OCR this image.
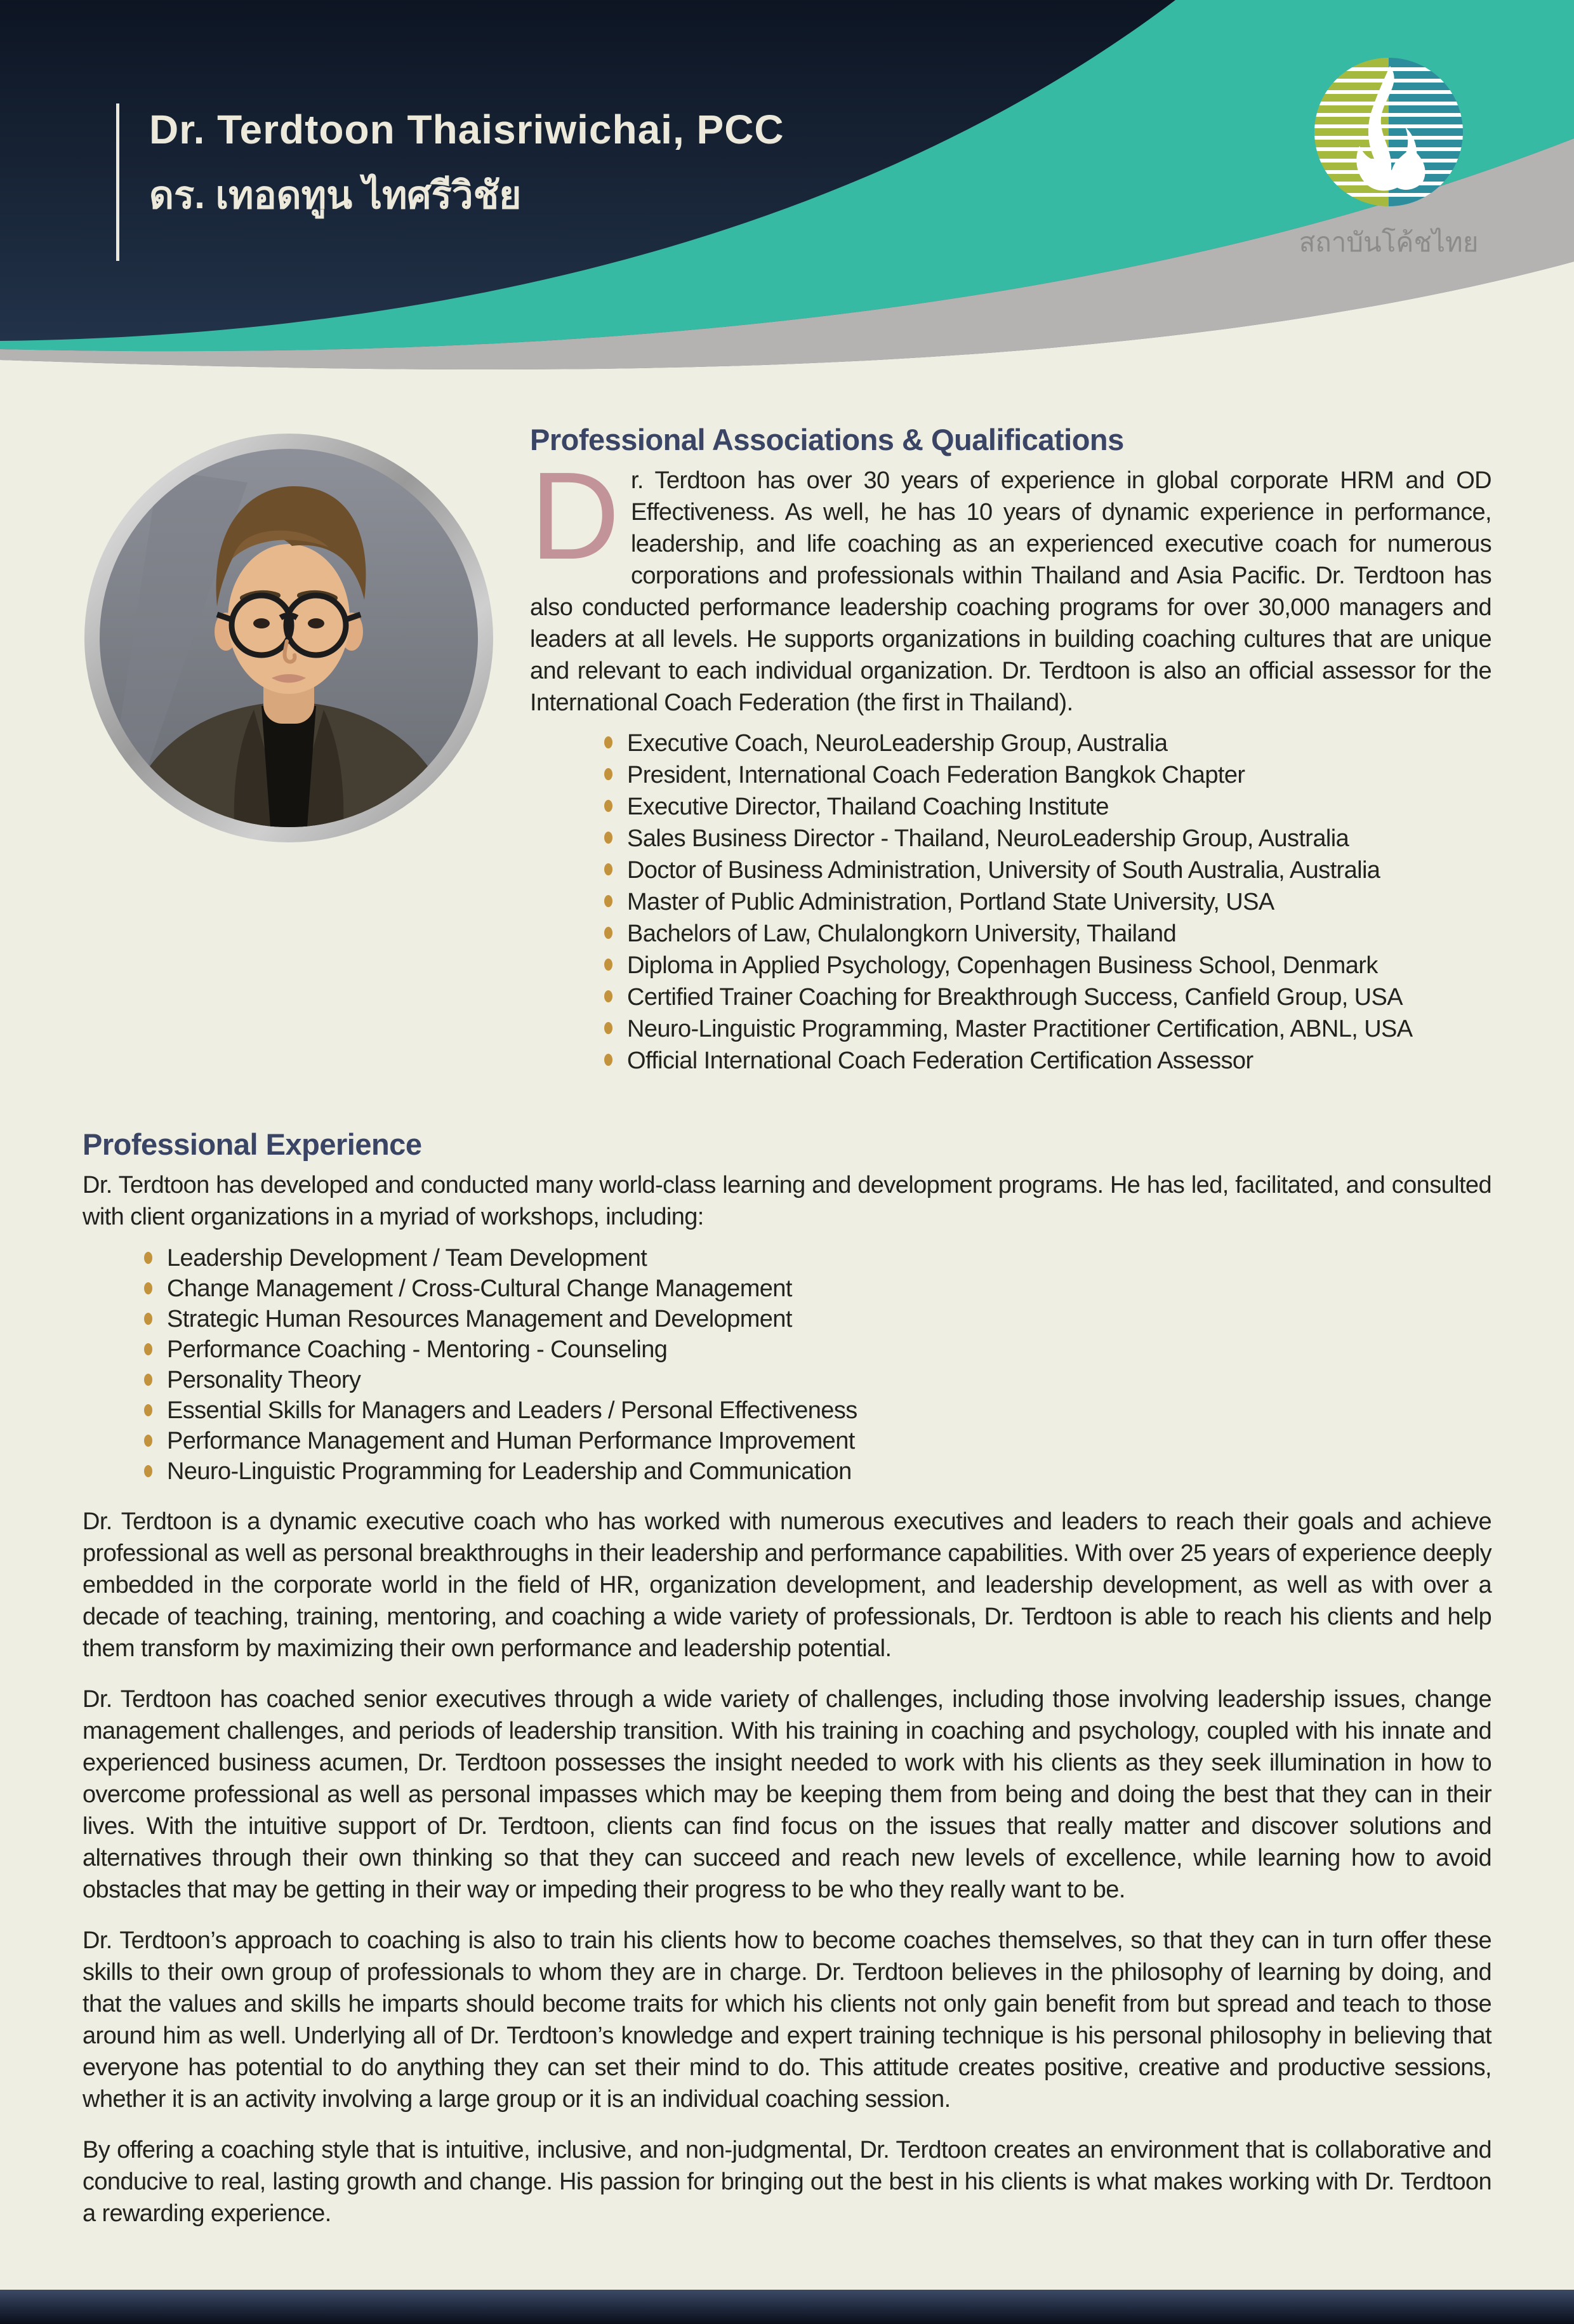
สถาบันโค้ชไทย
Dr. Terdtoon Thaisriwichai, PCC
ดร. เทอดทูน ไทศรีวิชัย
Professional Associations & Qualifications

Dr. Terdtoon has over 30 years of experience in global corporate HRM and OD Effectiveness. As well, he has 10 years of dynamic experience in performance, leadership, and life coaching as an experienced executive coach for numerous corporations and professionals within Thailand and Asia Pacific. Dr. Terdtoon has also conducted performance leadership coaching programs for over 30,000 managers and leaders at all levels. He supports organizations in building coaching cultures that are unique and relevant to each individual organization. Dr. Terdtoon is also an official assessor for the International Coach Federation (the first in Thailand).

Executive Coach, NeuroLeadership Group, Australia
President, International Coach Federation Bangkok Chapter
Executive Director, Thailand Coaching Institute
Sales Business Director - Thailand, NeuroLeadership Group, Australia
Doctor of Business Administration, University of South Australia, Australia
Master of Public Administration, Portland State University, USA
Bachelors of Law, Chulalongkorn University, Thailand
Diploma in Applied Psychology, Copenhagen Business School, Denmark
Certified Trainer Coaching for Breakthrough Success, Canfield Group, USA
Neuro-Linguistic Programming, Master Practitioner Certification, ABNL, USA
Official International Coach Federation Certification Assessor
Professional Experience

Dr. Terdtoon has developed and conducted many world-class learning and development programs. He has led, facilitated, and consulted with client organizations in a myriad of workshops, including:

Leadership Development / Team Development
Change Management / Cross-Cultural Change Management
Strategic Human Resources Management and Development
Performance Coaching - Mentoring - Counseling
Personality Theory
Essential Skills for Managers and Leaders / Personal Effectiveness
Performance Management and Human Performance Improvement
Neuro-Linguistic Programming for Leadership and Communication

Dr. Terdtoon is a dynamic executive coach who has worked with numerous executives and leaders to reach their goals and achieve professional as well as personal breakthroughs in their leadership and performance capabilities. With over 25 years of experience deeply embedded in the corporate world in the field of HR, organization development, and leadership development, as well as with over a decade of teaching, training, mentoring, and coaching a wide variety of professionals, Dr. Terdtoon is able to reach his clients and help them transform by maximizing their own performance and leadership potential.

Dr. Terdtoon has coached senior executives through a wide variety of challenges, including those involving leadership issues, change management challenges, and periods of leadership transition. With his training in coaching and psychology, coupled with his innate and experienced business acumen, Dr. Terdtoon possesses the insight needed to work with his clients as they seek illumination in how to overcome professional as well as personal impasses which may be keeping them from being and doing the best that they can in their lives. With the intuitive support of Dr. Terdtoon, clients can find focus on the issues that really matter and discover solutions and alternatives through their own thinking so that they can succeed and reach new levels of excellence, while learning how to avoid obstacles that may be getting in their way or impeding their progress to be who they really want to be.

Dr. Terdtoon’s approach to coaching is also to train his clients how to become coaches themselves, so that they can in turn offer these skills to their own group of professionals to whom they are in charge. Dr. Terdtoon believes in the philosophy of learning by doing, and that the values and skills he imparts should become traits for which his clients not only gain benefit from but spread and teach to those around him as well. Underlying all of Dr. Terdtoon’s knowledge and expert training technique is his personal philosophy in believing that everyone has potential to do anything they can set their mind to do. This attitude creates positive, creative and productive sessions, whether it is an activity involving a large group or it is an individual coaching session.

By offering a coaching style that is intuitive, inclusive, and non-judgmental, Dr. Terdtoon creates an environment that is collaborative and conducive to real, lasting growth and change. His passion for bringing out the best in his clients is what makes working with Dr. Terdtoon a rewarding experience.
